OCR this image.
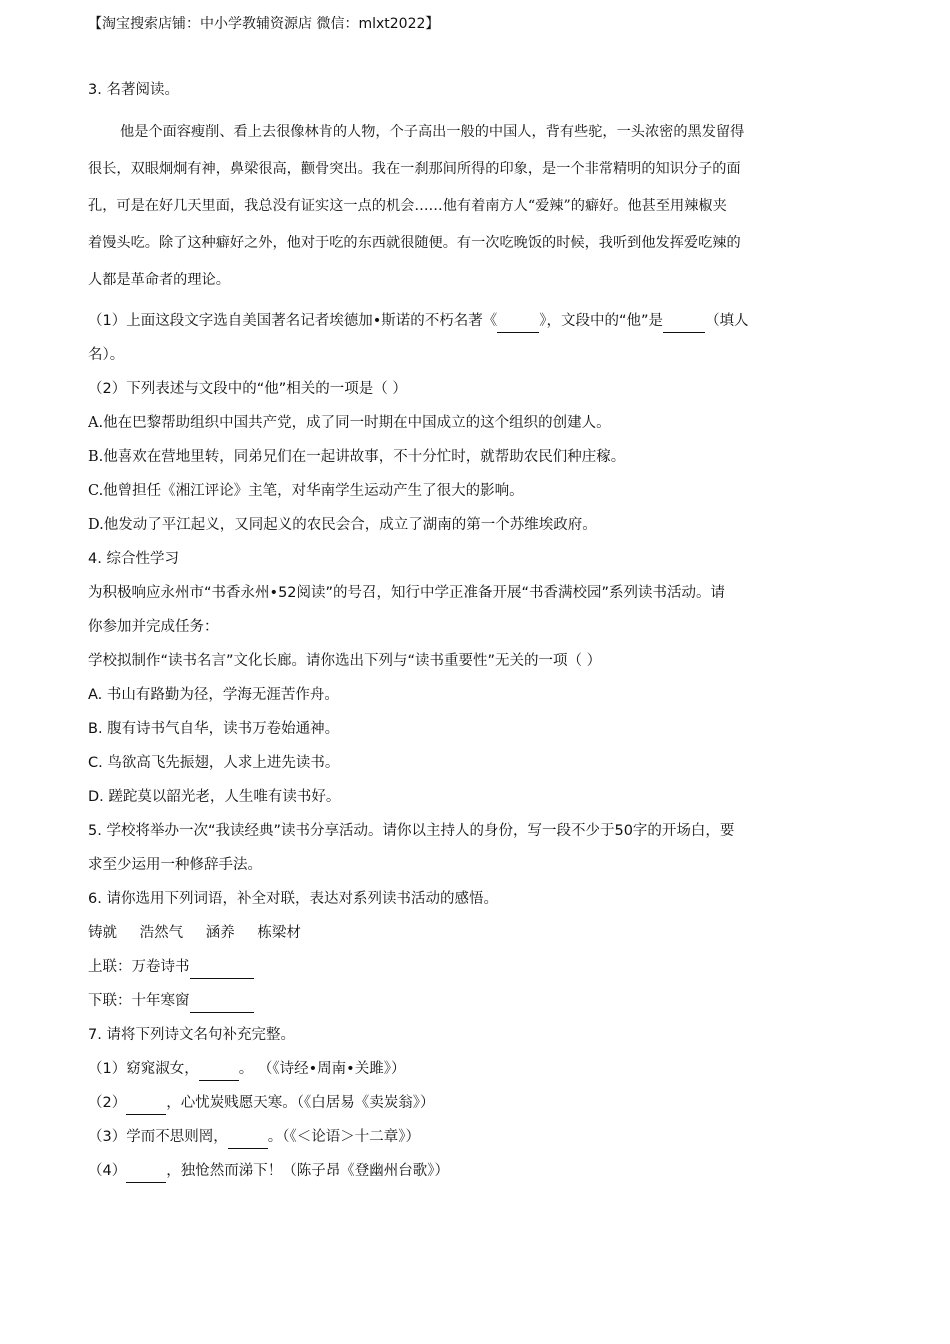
【淘宝搜索店铺：中小学教辅资源店 微信：mlxt2022】

3. 名著阅读。

他是个面容瘦削、看上去很像林肯的人物，个子高出一般的中国人，背有些驼，一头浓密的黑发留得

很长，双眼炯炯有神，鼻梁很高，颧骨突出。我在一刹那间所得的印象，是一个非常精明的知识分子的面

孔，可是在好几天里面，我总没有证实这一点的机会……他有着南方人“爱辣”的癖好。他甚至用辣椒夹

着馒头吃。除了这种癖好之外，他对于吃的东西就很随便。有一次吃晚饭的时候，我听到他发挥爱吃辣的

人都是革命者的理论。

（1）上面这段文字选自美国著名记者埃德加•斯诺的不朽名著《	》，文段中的“他”是	（填人

名）。

（2）下列表述与文段中的“他”相关的一项是（ ）

A.他在巴黎帮助组织中国共产党，成了同一时期在中国成立的这个组织的创建人。

B.他喜欢在营地里转，同弟兄们在一起讲故事，不十分忙时，就帮助农民们种庄稼。

C.他曾担任《湘江评论》主笔，对华南学生运动产生了很大的影响。

D.他发动了平江起义，又同起义的农民会合，成立了湖南的第一个苏维埃政府。

4. 综合性学习

为积极响应永州市“书香永州•52阅读”的号召，知行中学正准备开展“书香满校园”系列读书活动。请

你参加并完成任务：

学校拟制作“读书名言”文化长廊。请你选出下列与“读书重要性”无关的一项（ ）

A. 书山有路勤为径，学海无涯苦作舟。

B. 腹有诗书气自华，读书万卷始通神。

C. 鸟欲高飞先振翅，人求上进先读书。

D. 蹉跎莫以韶光老，人生唯有读书好。

5. 学校将举办一次“我读经典”读书分享活动。请你以主持人的身份，写一段不少于50字的开场白，要

求至少运用一种修辞手法。

6. 请你选用下列词语，补全对联，表达对系列读书活动的感悟。

铸就 浩然气 涵养 栋梁材

上联：万卷诗书

下联：十年寒窗

7. 请将下列诗文名句补充完整。

（1）窈窕淑女，	。 （《诗经•周南•关雎》）

（2）	，心忧炭贱愿天寒。（《白居易《卖炭翁》）

（3）学而不思则罔，	。（《＜论语＞十二章》）

（4）	，独怆然而涕下！（陈子昂《登幽州台歌》）
